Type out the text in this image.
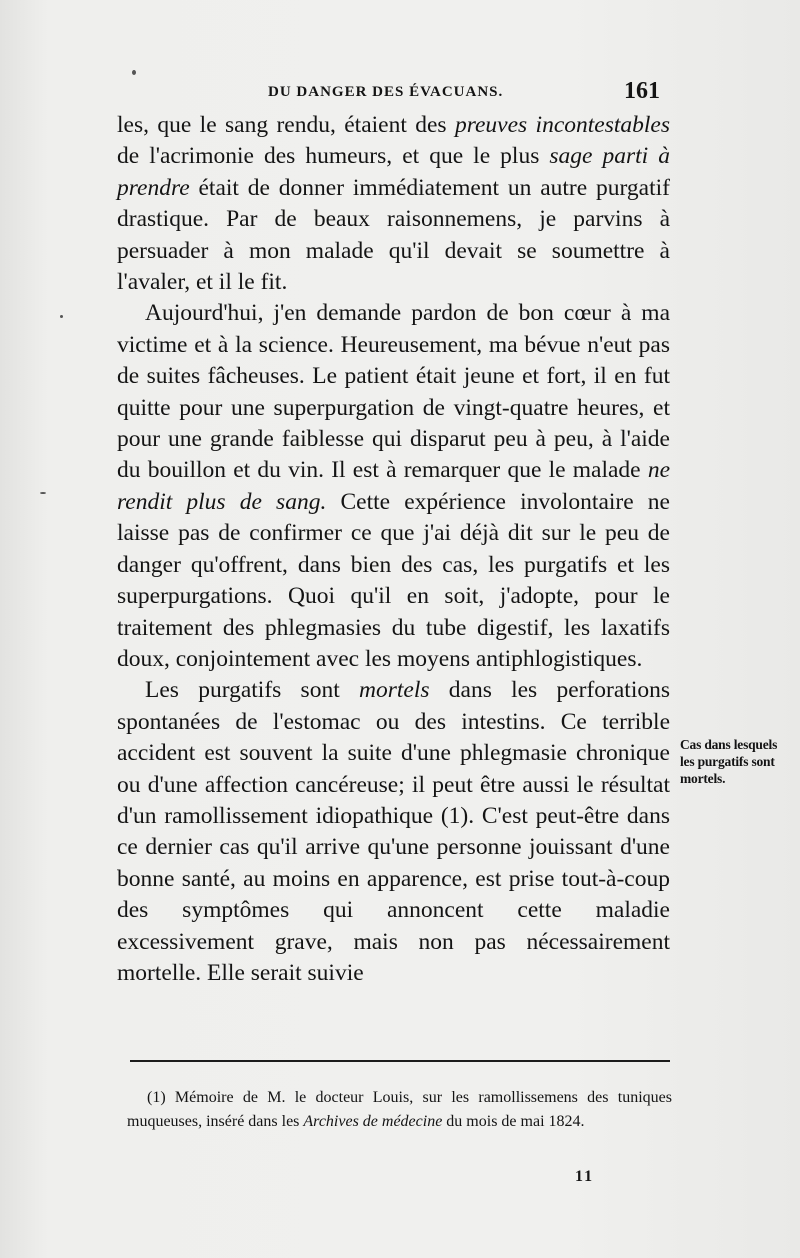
DU DANGER DES ÉVACUANS.	161

les, que le sang rendu, étaient des preuves incontestables de l'acrimonie des humeurs, et que le plus sage parti à prendre était de donner immédiatement un autre purgatif drastique. Par de beaux raisonnemens, je parvins à persuader à mon malade qu'il devait se soumettre à l'avaler, et il le fit.

Aujourd'hui, j'en demande pardon de bon cœur à ma victime et à la science. Heureusement, ma bévue n'eut pas de suites fâcheuses. Le patient était jeune et fort, il en fut quitte pour une superpurgation de vingt-quatre heures, et pour une grande faiblesse qui disparut peu à peu, à l'aide du bouillon et du vin. Il est à remarquer que le malade ne rendit plus de sang. Cette expérience involontaire ne laisse pas de confirmer ce que j'ai déjà dit sur le peu de danger qu'offrent, dans bien des cas, les purgatifs et les superpurgations. Quoi qu'il en soit, j'adopte, pour le traitement des phlegmasies du tube digestif, les laxatifs doux, conjointement avec les moyens antiphlogistiques.

Les purgatifs sont mortels dans les perforations spontanées de l'estomac ou des intestins. Ce terrible accident est souvent la suite d'une phlegmasie chronique ou d'une affection cancéreuse; il peut être aussi le résultat d'un ramollissement idiopathique (1). C'est peut-être dans ce dernier cas qu'il arrive qu'une personne jouissant d'une bonne santé, au moins en apparence, est prise tout-à-coup des symptômes qui annoncent cette maladie excessivement grave, mais non pas nécessairement mortelle. Elle serait suivie

Cas dans lesquels les purgatifs sont mortels.

(1) Mémoire de M. le docteur Louis, sur les ramollissemens des tuniques muqueuses, inséré dans les Archives de médecine du mois de mai 1824.

11
